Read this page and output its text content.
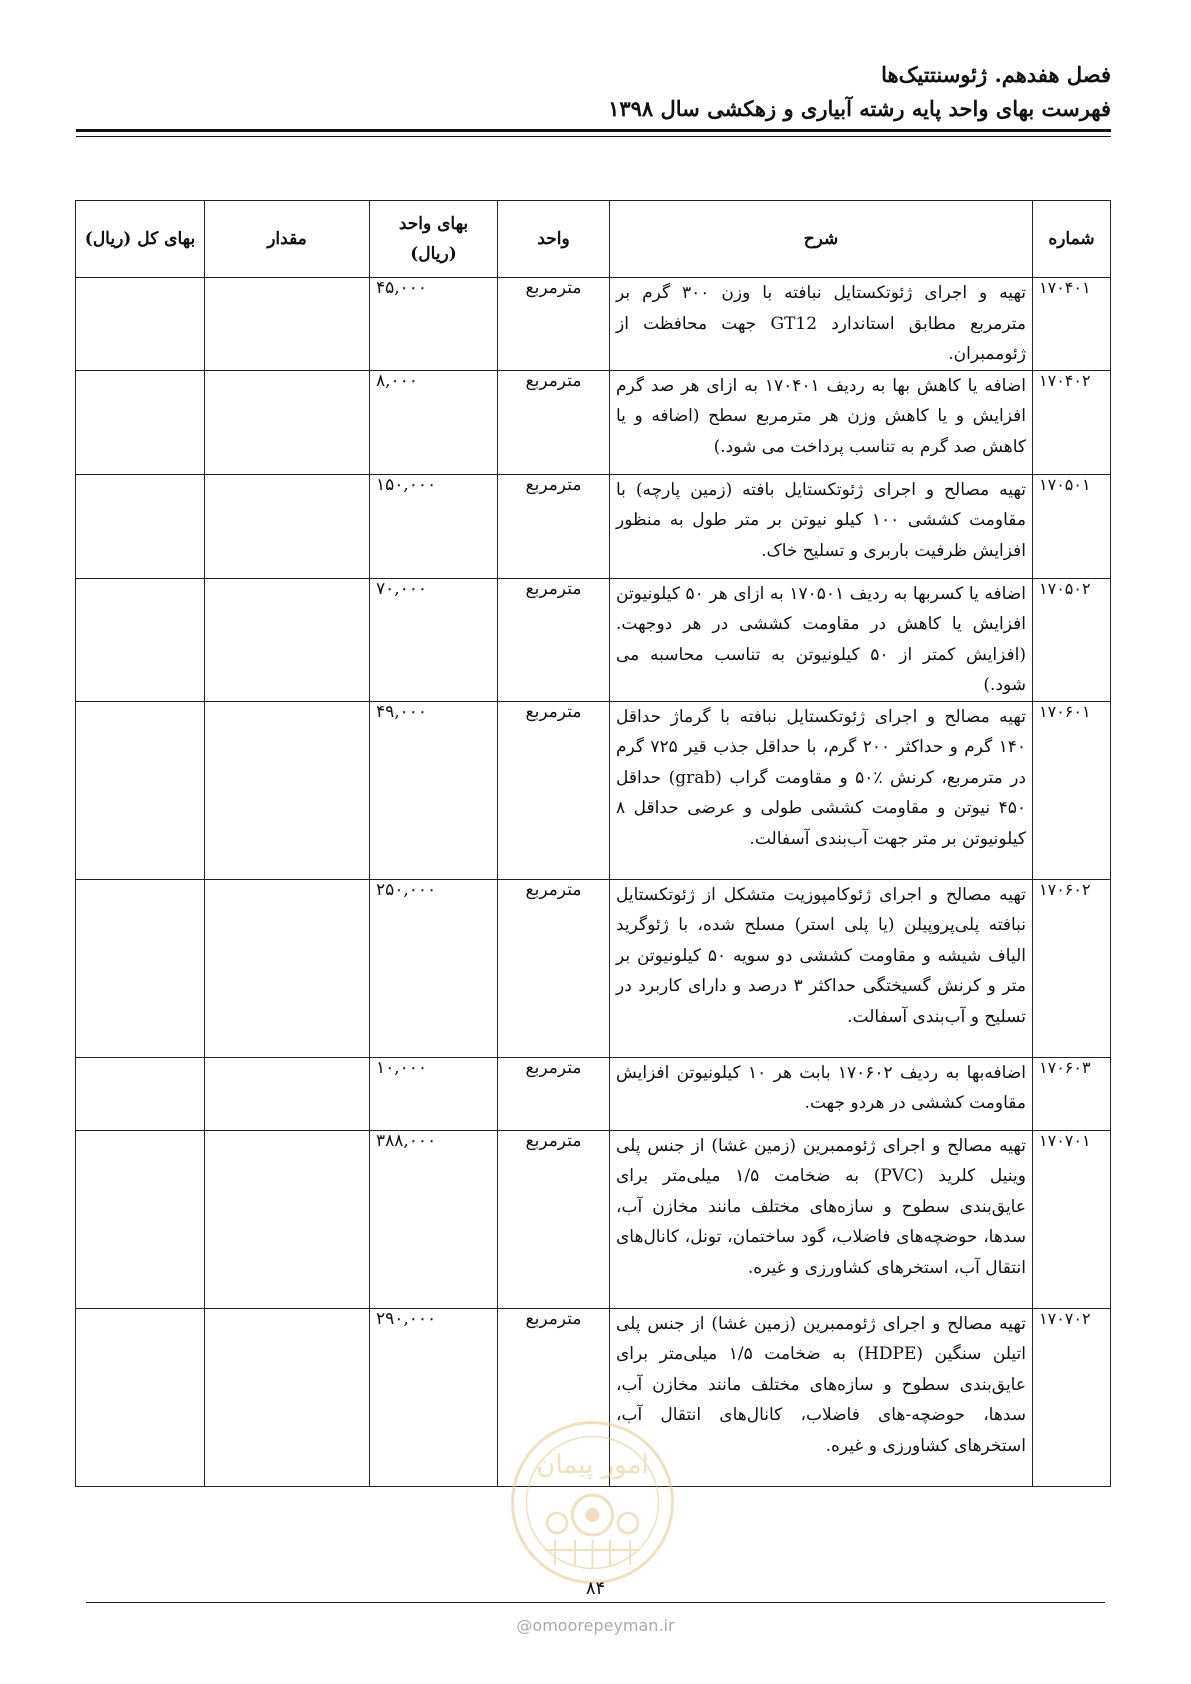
فصل هفدهم. ژئوسنتتیک‌ها
فهرست بهای واحد پایه رشته آبیاری و زهکشی سال ۱۳۹۸
شماره	شرح	واحد	بهای واحد (ریال)	مقدار	بهای کل (ریال)
۱۷۰۴۰۱	تهیه و اجرای ژئوتکستایل نبافته با وزن ۳۰۰ گرم بر مترمربع مطابق استاندارد GT12 جهت محافظت از ژئوممبران.	مترمربع	۴۵,۰۰۰		
۱۷۰۴۰۲	اضافه یا کاهش بها به ردیف ۱۷۰۴۰۱ به ازای هر صد گرم افزایش و یا کاهش وزن هر مترمربع سطح (اضافه و یا کاهش صد گرم به تناسب پرداخت می شود.)	مترمربع	۸,۰۰۰		
۱۷۰۵۰۱	تهیه مصالح و اجرای ژئوتکستایل بافته (زمین پارچه) با مقاومت کششی ۱۰۰ کیلو نیوتن بر متر طول به منظور افزایش ظرفیت باربری و تسلیح خاک.	مترمربع	۱۵۰,۰۰۰		
۱۷۰۵۰۲	اضافه یا کسربها به ردیف ۱۷۰۵۰۱ به ازای هر ۵۰ کیلونیوتن افزایش یا کاهش در مقاومت کششی در هر دوجهت. (افزایش کمتر از ۵۰ کیلونیوتن به تناسب محاسبه می شود.)	مترمربع	۷۰,۰۰۰		
۱۷۰۶۰۱	تهیه مصالح و اجرای ژئوتکستایل نبافته با گرماژ حداقل ۱۴۰ گرم و حداکثر ۲۰۰ گرم، با حداقل جذب قیر ۷۲۵ گرم در مترمربع، کرنش ٪۵۰ و مقاومت گراب (grab) حداقل ۴۵۰ نیوتن و مقاومت کششی طولی و عرضی حداقل ۸ کیلونیوتن بر متر جهت آب‌بندی آسفالت.	مترمربع	۴۹,۰۰۰		
۱۷۰۶۰۲	تهیه مصالح و اجرای ژئوکامپوزیت متشکل از ژئوتکستایل نبافته پلی‌پروپیلن (یا پلی استر) مسلح شده، با ژئوگرید الیاف شیشه و مقاومت کششی دو سویه ۵۰ کیلونیوتن بر متر و کرنش گسیختگی حداکثر ۳ درصد و دارای کاربرد در تسلیح و آب‌بندی آسفالت.	مترمربع	۲۵۰,۰۰۰		
۱۷۰۶۰۳	اضافه‌بها به ردیف ۱۷۰۶۰۲ بابت هر ۱۰ کیلونیوتن افزایش مقاومت کششی در هردو جهت.	مترمربع	۱۰,۰۰۰		
۱۷۰۷۰۱	تهیه مصالح و اجرای ژئوممبرین (زمین غشا) از جنس پلی وینیل کلرید (PVC) به ضخامت ۱/۵ میلی‌متر برای عایق‌بندی سطوح و سازه‌های مختلف مانند مخازن آب، سدها، حوضچه‌های فاضلاب، گود ساختمان، تونل، کانال‌های انتقال آب، استخرهای کشاورزی و غیره.	مترمربع	۳۸۸,۰۰۰		
۱۷۰۷۰۲	تهیه مصالح و اجرای ژئوممبرین (زمین غشا) از جنس پلی اتیلن سنگین (HDPE) به ضخامت ۱/۵ میلی‌متر برای عایق‌بندی سطوح و سازه‌های مختلف مانند مخازن آب، سدها، حوضچه‌-های فاضلاب، کانال‌های انتقال آب، استخرهای کشاورزی و غیره.	مترمربع	۲۹۰,۰۰۰		
امور پیمان
۸۴
@omoorepeyman.ir
